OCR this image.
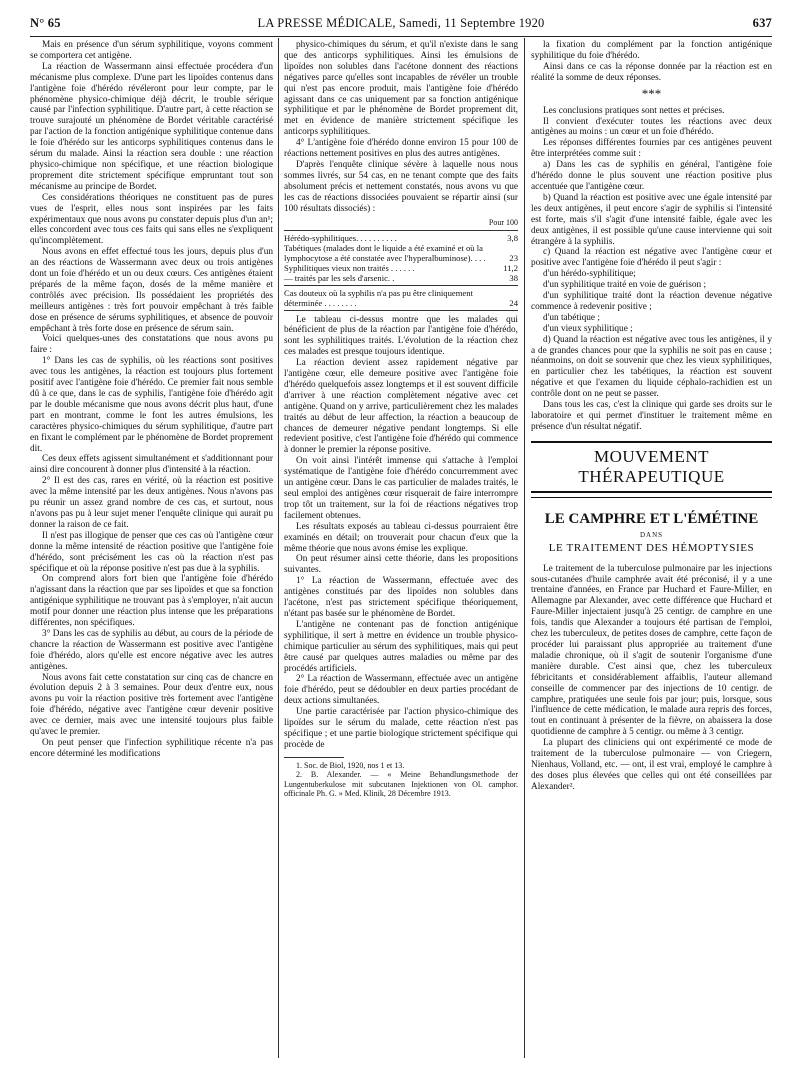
N° 65	LA PRESSE MÉDICALE, Samedi, 11 Septembre 1920	637

Mais en présence d'un sérum syphilitique, voyons comment se comportera cet antigène.

La réaction de Wassermann ainsi effectuée procédera d'un mécanisme plus complexe. D'une part les lipoïdes contenus dans l'antigène foie d'hérédo révéleront pour leur compte, par le phénomène physico-chimique déjà décrit, le trouble sérique causé par l'infection syphilitique. D'autre part, à cette réaction se trouve surajouté un phénomène de Bordet véritable caractérisé par l'action de la fonction antigénique syphilitique contenue dans le foie d'hérédo sur les anticorps syphilitiques contenus dans le sérum du malade. Ainsi la réaction sera double : une réaction physico-chimique non spécifique, et une réaction biologique proprement dite strictement spécifique empruntant tout son mécanisme au principe de Bordet.

Ces considérations théoriques ne constituent pas de pures vues de l'esprit, elles nous sont inspirées par les faits expérimentaux que nous avons pu constater depuis plus d'un an¹; elles concordent avec tous ces faits qui sans elles ne s'expliquent qu'incomplètement.

Nous avons en effet effectué tous les jours, depuis plus d'un an des réactions de Wassermann avec deux ou trois antigènes dont un foie d'hérédo et un ou deux cœurs. Ces antigènes étaient préparés de la même façon, dosés de la même manière et contrôlés avec précision. Ils possédaient les propriétés des meilleurs antigènes : très fort pouvoir empêchant à très faible dose en présence de sérums syphilitiques, et absence de pouvoir empêchant à très forte dose en présence de sérum sain.

Voici quelques-unes des constatations que nous avons pu faire :

1° Dans les cas de syphilis, où les réactions sont positives avec tous les antigènes, la réaction est toujours plus fortement positif avec l'antigène foie d'hérédo. Ce premier fait nous semble dû à ce que, dans le cas de syphilis, l'antigène foie d'hérédo agit par le double mécanisme que nous avons décrit plus haut, d'une part en montrant, comme le font les autres émulsions, les caractères physico-chimiques du sérum syphilitique, d'autre part en fixant le complément par le phénomène de Bordet proprement dit.

Ces deux effets agissent simultanément et s'additionnant pour ainsi dire concourent à donner plus d'intensité à la réaction.

2° Il est des cas, rares en vérité, où la réaction est positive avec la même intensité par les deux antigènes. Nous n'avons pas pu réunir un assez grand nombre de ces cas, et surtout, nous n'avons pas pu à leur sujet mener l'enquête clinique qui aurait pu donner la raison de ce fait.

Il n'est pas illogique de penser que ces cas où l'antigène cœur donne la même intensité de réaction positive que l'antigène foie d'hérédo, sont précisément les cas où la réaction n'est pas spécifique et où la réponse positive n'est pas due à la syphilis.

On comprend alors fort bien que l'antigène foie d'hérédo n'agissant dans la réaction que par ses lipoïdes et que sa fonction antigénique syphilitique ne trouvant pas à s'employer, n'ait aucun motif pour donner une réaction plus intense que les préparations différentes, non spécifiques.

3° Dans les cas de syphilis au début, au cours de la période de chancre la réaction de Wassermann est positive avec l'antigène foie d'hérédo, alors qu'elle est encore négative avec les autres antigènes.

Nous avons fait cette constatation sur cinq cas de chancre en évolution depuis 2 à 3 semaines. Pour deux d'entre eux, nous avons pu voir la réaction positive très fortement avec l'antigène foie d'hérédo, négative avec l'antigène cœur devenir positive avec ce dernier, mais avec une intensité toujours plus faible qu'avec le premier.

On peut penser que l'infection syphilitique récente n'a pas encore déterminé les modifications

physico-chimiques du sérum, et qu'il n'existe dans le sang que des anticorps syphilitiques. Ainsi les émulsions de lipoïdes non solubles dans l'acétone donnent des réactions négatives parce qu'elles sont incapables de révéler un trouble qui n'est pas encore produit, mais l'antigène foie d'hérédo agissant dans ce cas uniquement par sa fonction antigénique syphilitique et par le phénomène de Bordet proprement dit, met en évidence de manière strictement spécifique les anticorps syphilitiques.

4° L'antigène foie d'hérédo donne environ 15 pour 100 de réactions nettement positives en plus des autres antigènes.

D'après l'enquête clinique sévère à laquelle nous nous sommes livrés, sur 54 cas, en ne tenant compte que des faits absolument précis et nettement constatés, nous avons vu que les cas de réactions dissociées pouvaient se répartir ainsi (sur 100 résultats dissociés) :

Pour 100
Hérédo-syphilitiques. . . . . . . . . .	3,8
Tabétiques (malades dont le liquide a été examiné et où la lymphocytose a été constatée avec l'hyperalbuminose). . . .	23
Syphilitiques vieux non traités . . . . . .	11,2
— traités par les sels d'arsenic. .	38
Cas douteux où la syphilis n'a pas pu être cliniquement déterminée . . . . . . . .	24

Le tableau ci-dessus montre que les malades qui bénéficient de plus de la réaction par l'antigène foie d'hérédo, sont les syphilitiques traités. L'évolution de la réaction chez ces malades est presque toujours identique.

La réaction devient assez rapidement négative par l'antigène cœur, elle demeure positive avec l'antigène foie d'hérédo quelquefois assez longtemps et il est souvent difficile d'arriver à une réaction complètement négative avec cet antigène. Quand on y arrive, particulièrement chez les malades traités au début de leur affection, la réaction a beaucoup de chances de demeurer négative pendant longtemps. Si elle redevient positive, c'est l'antigène foie d'hérédo qui commence à donner le premier la réponse positive.

On voit ainsi l'intérêt immense qui s'attache à l'emploi systématique de l'antigène foie d'hérédo concurremment avec un antigène cœur. Dans le cas particulier de malades traités, le seul emploi des antigènes cœur risquerait de faire interrompre trop tôt un traitement, sur la foi de réactions négatives trop facilement obtenues.

Les résultats exposés au tableau ci-dessus pourraient être examinés en détail; on trouverait pour chacun d'eux que la même théorie que nous avons émise les explique.

On peut résumer ainsi cette théorie, dans les propositions suivantes.

1° La réaction de Wassermann, effectuée avec des antigènes constitués par des lipoïdes non solubles dans l'acétone, n'est pas strictement spécifique théoriquement, n'étant pas basée sur le phénomène de Bordet.

L'antigène ne contenant pas de fonction antigénique syphilitique, il sert à mettre en évidence un trouble physico-chimique particulier au sérum des syphilitiques, mais qui peut être causé par quelques autres maladies ou même par des procédés artificiels.

2° La réaction de Wassermann, effectuée avec un antigène foie d'hérédo, peut se dédoubler en deux parties procédant de deux actions simultanées.

Une partie caractérisée par l'action physico-chimique des lipoïdes sur le sérum du malade, cette réaction n'est pas spécifique ; et une partie biologique strictement spécifique qui procède de

1. Soc. de Biol, 1920, nos 1 et 13.

2. B. Alexander. — « Meine Behandlungsmethode der Lungentuberkulose mit subcutanen Injektionen von Ol. camphor. officinale Ph. G. » Med. Klinik, 28 Décembre 1913.

la fixation du complément par la fonction antigénique syphilitique du foie d'hérédo.

Ainsi dans ce cas la réponse donnée par la réaction est en réalité la somme de deux réponses.

***

Les conclusions pratiques sont nettes et précises.

Il convient d'exécuter toutes les réactions avec deux antigènes au moins : un cœur et un foie d'hérédo.

Les réponses différentes fournies par ces antigènes peuvent être interprétées comme suit :

a) Dans les cas de syphilis en général, l'antigène foie d'hérédo donne le plus souvent une réaction positive plus accentuée que l'antigène cœur.

b) Quand la réaction est positive avec une égale intensité par les deux antigènes, il peut encore s'agir de syphilis si l'intensité est forte, mais s'il s'agit d'une intensité faible, égale avec les deux antigènes, il est possible qu'une cause intervienne qui soit étrangère à la syphilis.

c) Quand la réaction est négative avec l'antigène cœur et positive avec l'antigène foie d'hérédo il peut s'agir :

d'un hérédo-syphilitique;

d'un syphilitique traité en voie de guérison ;

d'un syphilitique traité dont la réaction devenue négative commence à redevenir positive ;

d'un tabétique ;

d'un vieux syphilitique ;

d) Quand la réaction est négative avec tous les antigènes, il y a de grandes chances pour que la syphilis ne soit pas en cause ; néanmoins, on doit se souvenir que chez les vieux syphilitiques, en particulier chez les tabétiques, la réaction est souvent négative et que l'examen du liquide céphalo-rachidien est un contrôle dont on ne peut se passer.

Dans tous les cas, c'est la clinique qui garde ses droits sur le laboratoire et qui permet d'instituer le traitement même en présence d'un résultat négatif.

MOUVEMENT THÉRAPEUTIQUE
LE CAMPHRE ET L'ÉMÉTINE
DANS
LE TRAITEMENT DES HÉMOPTYSIES

Le traitement de la tuberculose pulmonaire par les injections sous-cutanées d'huile camphrée avait été préconisé, il y a une trentaine d'années, en France par Huchard et Faure-Miller, en Allemagne par Alexander, avec cette différence que Huchard et Faure-Miller injectaient jusqu'à 25 centigr. de camphre en une fois, tandis que Alexander a toujours été partisan de l'emploi, chez les tuberculeux, de petites doses de camphre, cette façon de procéder lui paraissant plus appropriée au traitement d'une maladie chronique, où il s'agit de soutenir l'organisme d'une manière durable. C'est ainsi que, chez les tuberculeux fébricitants et considérablement affaiblis, l'auteur allemand conseille de commencer par des injections de 10 centigr. de camphre, pratiquées une seule fois par jour; puis, lorsque, sous l'influence de cette médication, le malade aura repris des forces, tout en continuant à présenter de la fièvre, on abaissera la dose quotidienne de camphre à 5 centigr. ou même à 3 centigr.

La plupart des cliniciens qui ont expérimenté ce mode de traitement de la tuberculose pulmonaire — von Criegern, Nienhaus, Volland, etc. — ont, il est vrai, employé le camphre à des doses plus élevées que celles qui ont été conseillées par Alexander².
